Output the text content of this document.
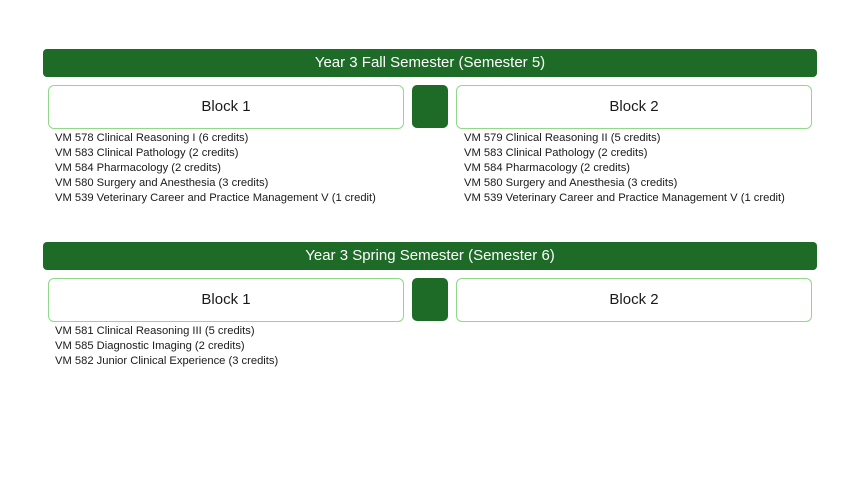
Year 3 Fall Semester (Semester 5)
Block 1	Block 2
VM 578 Clinical Reasoning I (6 credits)
VM 583 Clinical Pathology (2 credits)
VM 584 Pharmacology (2 credits)
VM 580 Surgery and Anesthesia (3 credits)
VM 539 Veterinary Career and Practice Management V (1 credit)
VM 579 Clinical Reasoning II (5 credits)
VM 583 Clinical Pathology (2 credits)
VM 584 Pharmacology (2 credits)
VM 580 Surgery and Anesthesia (3 credits)
VM 539 Veterinary Career and Practice Management V (1 credit)
Year 3 Spring Semester (Semester 6)
Block 1	Block 2
VM 581 Clinical Reasoning III (5 credits)
VM 585 Diagnostic Imaging (2 credits)
VM 582 Junior Clinical Experience (3 credits)
